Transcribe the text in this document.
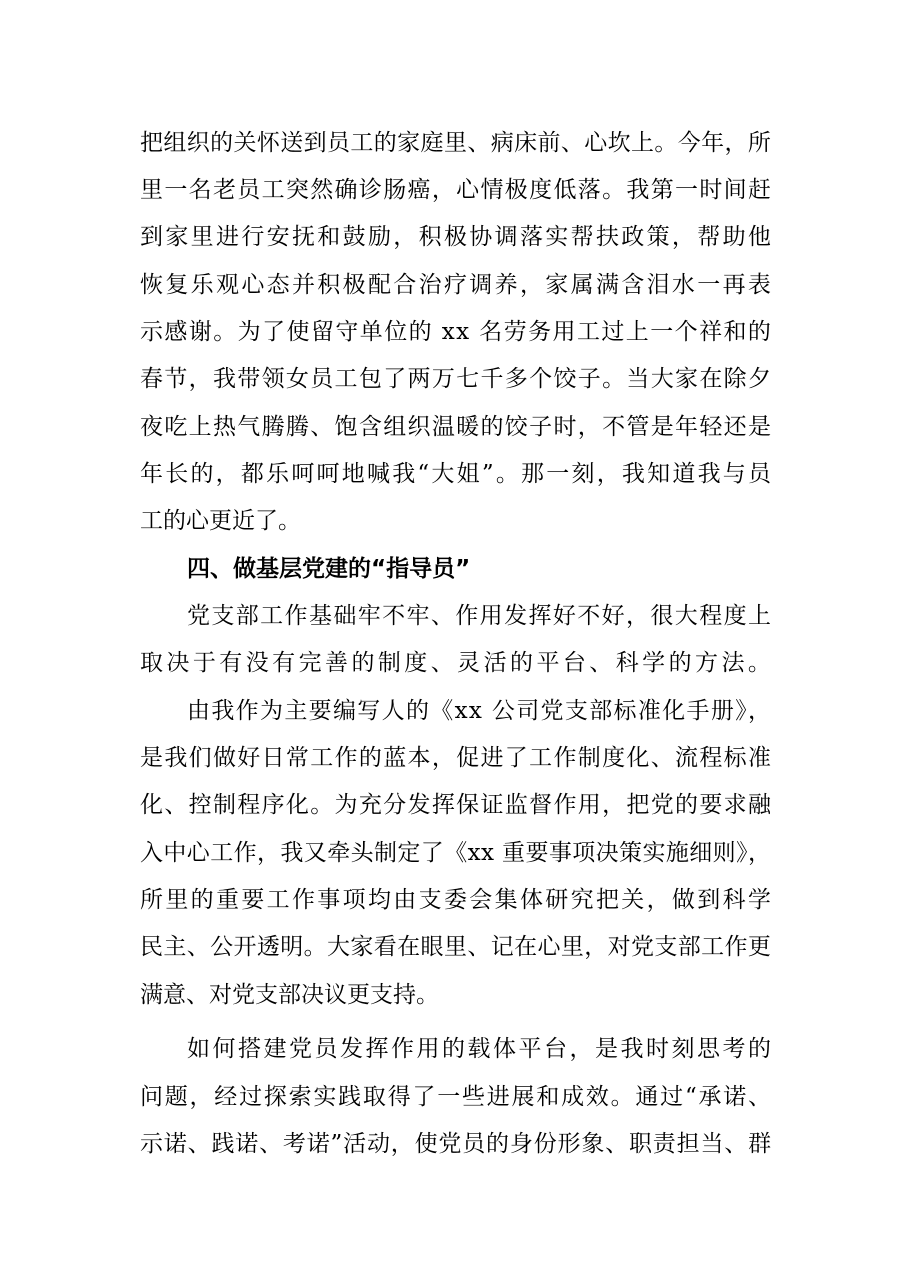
把组织的关怀送到员工的家庭里、病床前、心坎上。今年，所
里一名老员工突然确诊肠癌，心情极度低落。我第一时间赶
到家里进行安抚和鼓励，积极协调落实帮扶政策，帮助他
恢复乐观心态并积极配合治疗调养，家属满含泪水一再表
示感谢。为了使留守单位的 xx 名劳务用工过上一个祥和的
春节，我带领女员工包了两万七千多个饺子。当大家在除夕
夜吃上热气腾腾、饱含组织温暖的饺子时，不管是年轻还是
年长的，都乐呵呵地喊我“大姐”。那一刻，我知道我与员
工的心更近了。
四、做基层党建的“指导员”
党支部工作基础牢不牢、作用发挥好不好，很大程度上
取决于有没有完善的制度、灵活的平台、科学的方法。
由我作为主要编写人的《xx 公司党支部标准化手册》，
是我们做好日常工作的蓝本，促进了工作制度化、流程标准
化、控制程序化。为充分发挥保证监督作用，把党的要求融
入中心工作，我又牵头制定了《xx 重要事项决策实施细则》，
所里的重要工作事项均由支委会集体研究把关，做到科学
民主、公开透明。大家看在眼里、记在心里，对党支部工作更
满意、对党支部决议更支持。
如何搭建党员发挥作用的载体平台，是我时刻思考的
问题，经过探索实践取得了一些进展和成效。通过“承诺、
示诺、践诺、考诺”活动，使党员的身份形象、职责担当、群
